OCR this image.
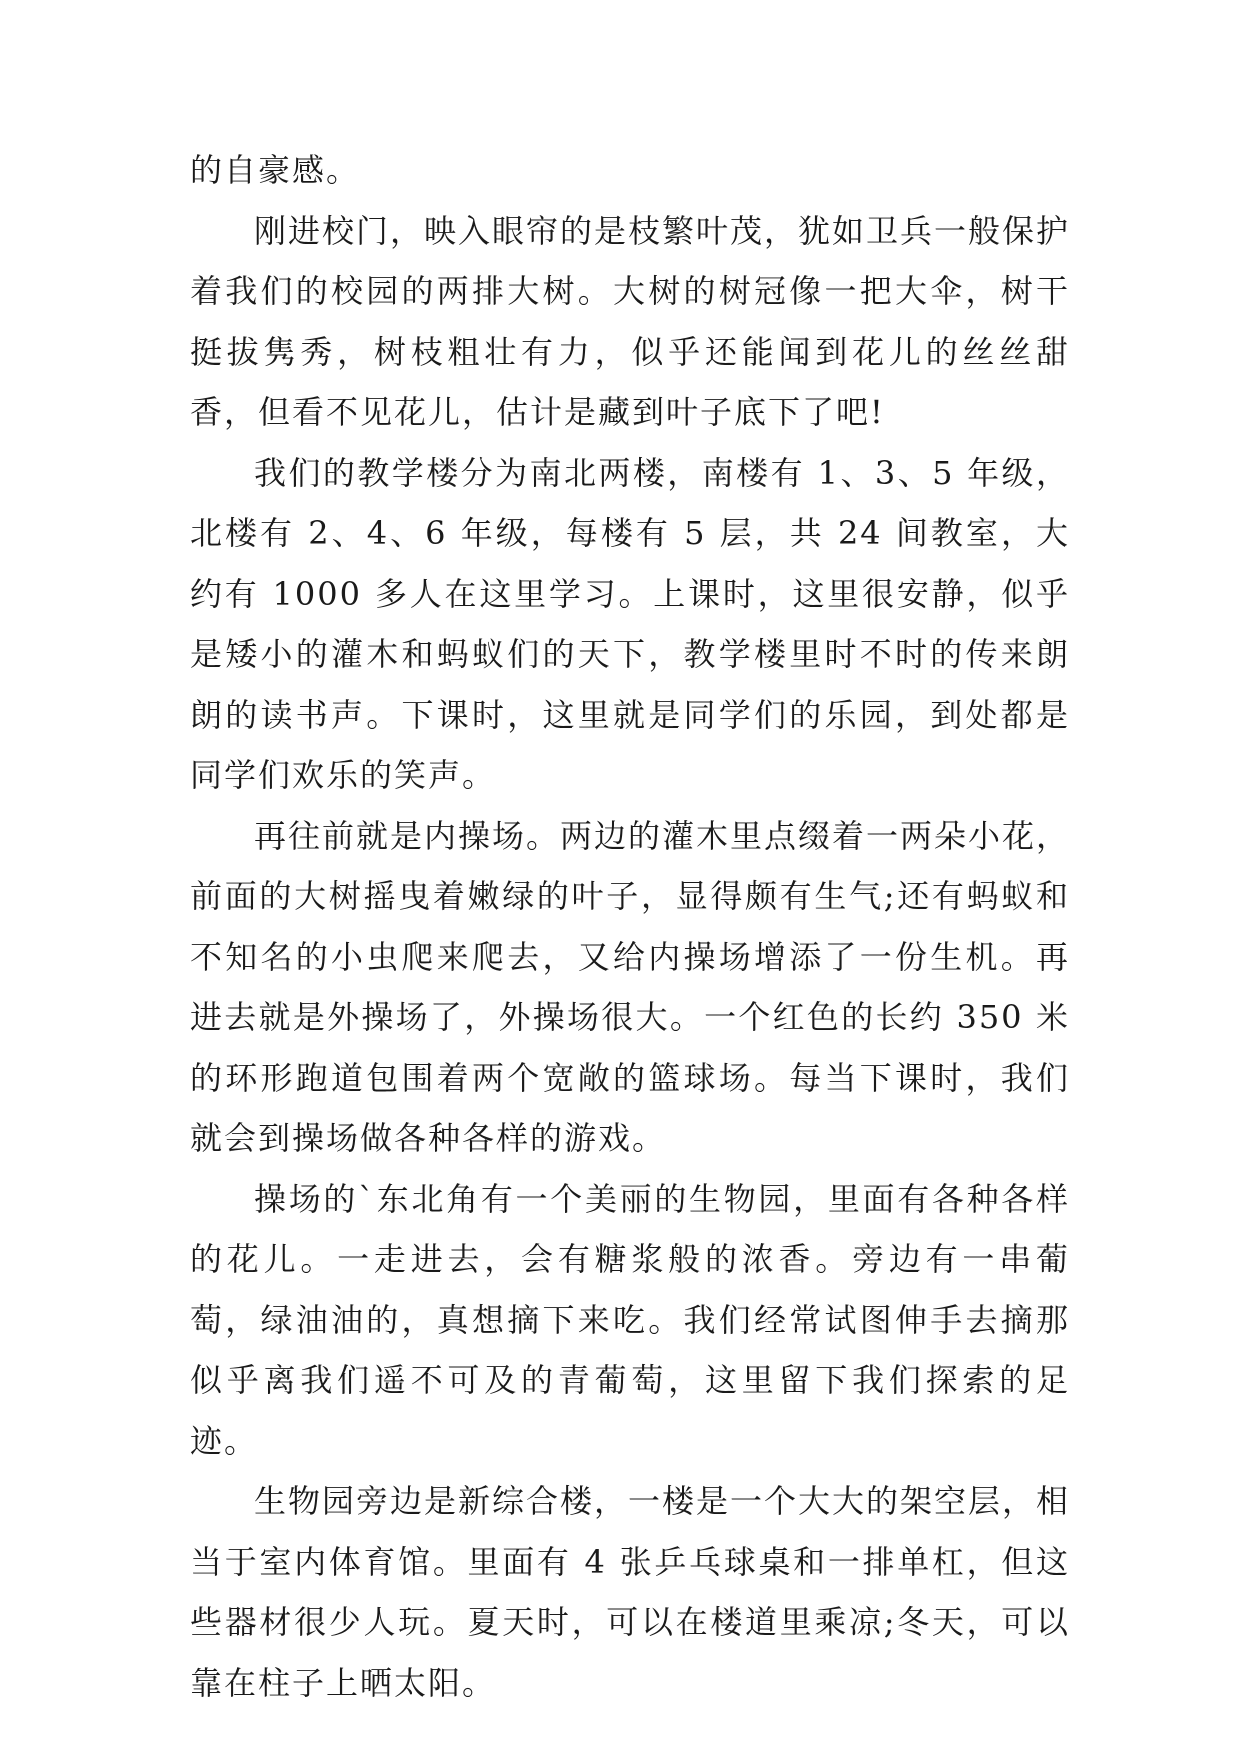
的自豪感。

刚进校门，映入眼帘的是枝繁叶茂，犹如卫兵一般保护着我们的校园的两排大树。大树的树冠像一把大伞，树干挺拔隽秀，树枝粗壮有力，似乎还能闻到花儿的丝丝甜香，但看不见花儿，估计是藏到叶子底下了吧!

我们的教学楼分为南北两楼，南楼有 1、3、5 年级，北楼有 2、4、6 年级，每楼有 5 层，共 24 间教室，大约有 1000 多人在这里学习。上课时，这里很安静，似乎是矮小的灌木和蚂蚁们的天下，教学楼里时不时的传来朗朗的读书声。下课时，这里就是同学们的乐园，到处都是同学们欢乐的笑声。

再往前就是内操场。两边的灌木里点缀着一两朵小花，前面的大树摇曳着嫩绿的叶子，显得颇有生气;还有蚂蚁和不知名的小虫爬来爬去，又给内操场增添了一份生机。再进去就是外操场了，外操场很大。一个红色的长约 350 米的环形跑道包围着两个宽敞的篮球场。每当下课时，我们就会到操场做各种各样的游戏。

操场的`东北角有一个美丽的生物园，里面有各种各样的花儿。一走进去，会有糖浆般的浓香。旁边有一串葡萄，绿油油的，真想摘下来吃。我们经常试图伸手去摘那似乎离我们遥不可及的青葡萄，这里留下我们探索的足迹。

生物园旁边是新综合楼，一楼是一个大大的架空层，相当于室内体育馆。里面有 4 张乒乓球桌和一排单杠，但这些器材很少人玩。夏天时，可以在楼道里乘凉;冬天，可以靠在柱子上晒太阳。
